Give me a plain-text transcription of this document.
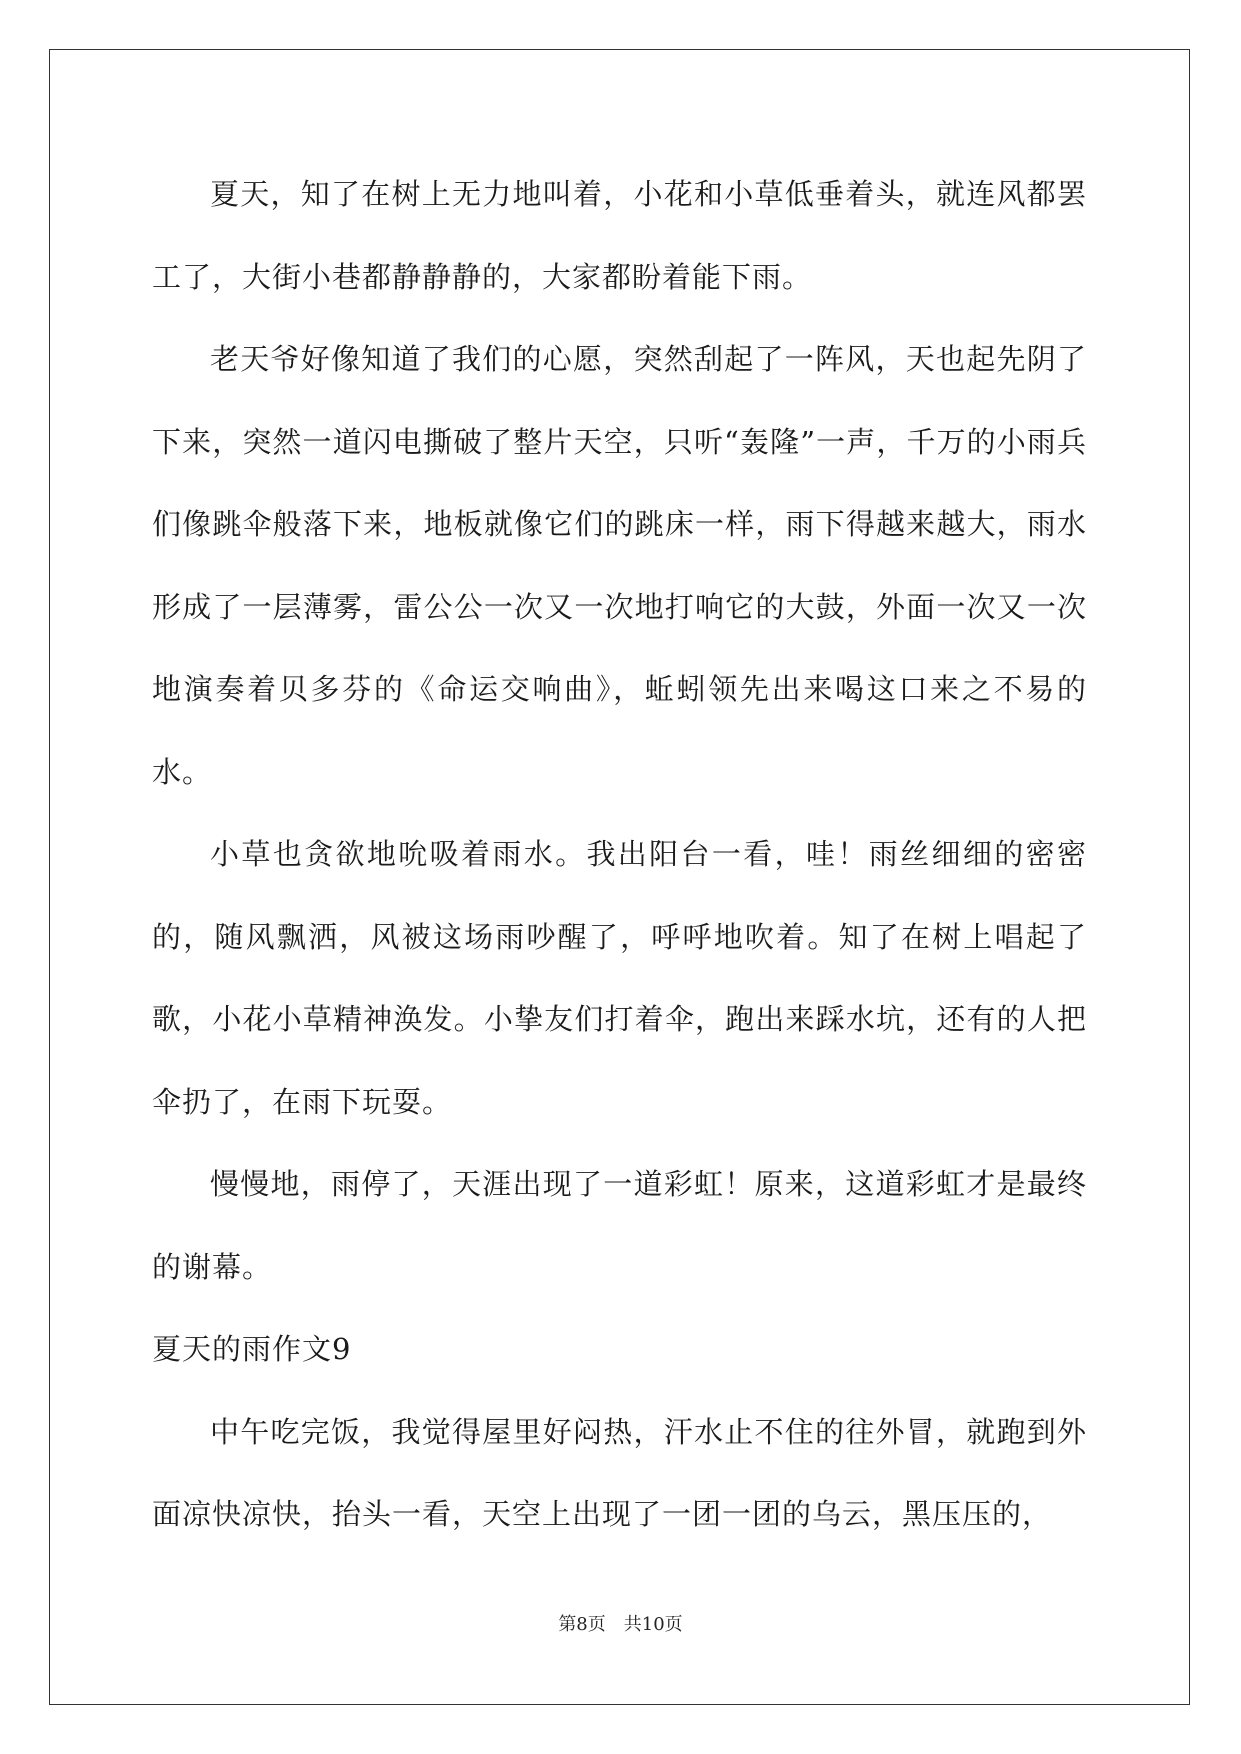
夏天，知了在树上无力地叫着，小花和小草低垂着头，就连风都罢工了，大街小巷都静静静的，大家都盼着能下雨。

老天爷好像知道了我们的心愿，突然刮起了一阵风，天也起先阴了下来，突然一道闪电撕破了整片天空，只听“轰隆”一声，千万的小雨兵们像跳伞般落下来，地板就像它们的跳床一样，雨下得越来越大，雨水形成了一层薄雾，雷公公一次又一次地打响它的大鼓，外面一次又一次地演奏着贝多芬的《命运交响曲》，蚯蚓领先出来喝这口来之不易的水。

小草也贪欲地吮吸着雨水。我出阳台一看，哇！雨丝细细的密密的，随风飘洒，风被这场雨吵醒了，呼呼地吹着。知了在树上唱起了歌，小花小草精神涣发。小挚友们打着伞，跑出来踩水坑，还有的人把伞扔了，在雨下玩耍。

慢慢地，雨停了，天涯出现了一道彩虹！原来，这道彩虹才是最终的谢幕。

夏天的雨作文9

中午吃完饭，我觉得屋里好闷热，汗水止不住的往外冒，就跑到外面凉快凉快，抬头一看，天空上出现了一团一团的乌云，黑压压的，

第8页　共10页
